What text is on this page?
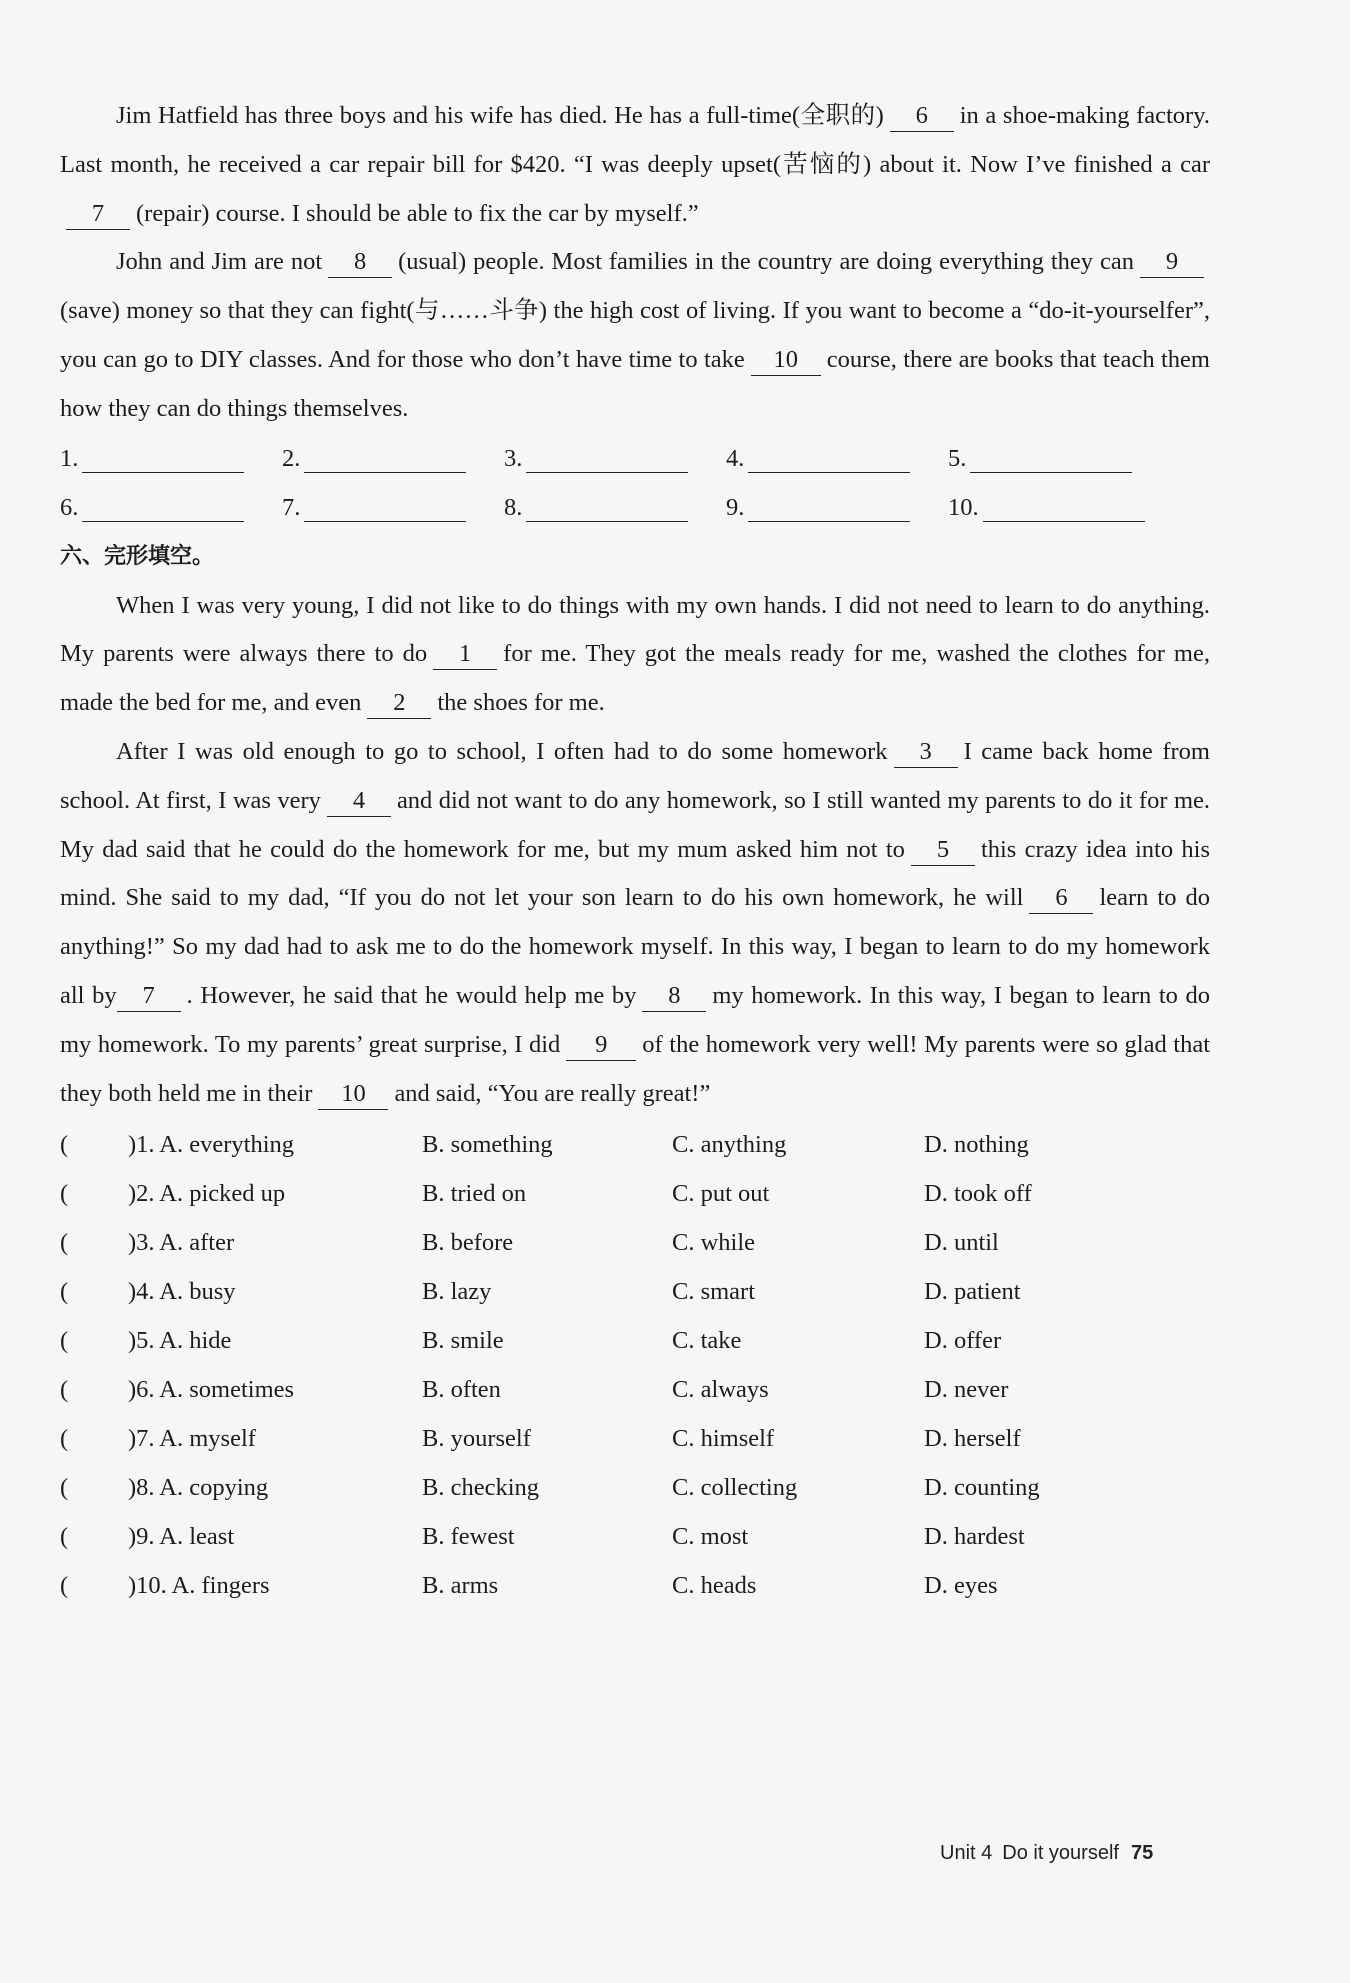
Jim Hatfield has three boys and his wife has died. He has a full-time(全职的) 6 in a shoe-making factory. Last month, he received a car repair bill for $420. “I was deeply upset(苦恼的) about it. Now I’ve finished a car7 (repair) course. I should be able to fix the car by myself.”

John and Jim are not 8 (usual) people. Most families in the country are doing everything they can 9(save) money so that they can fight(与……斗争) the high cost of living. If you want to become a “do-it-yourselfer”, you can go to DIY classes. And for those who don’t have time to take 10 course, there are books that teach them how they can do things themselves.

1.	2.	3.	4.	5.
6.	7.	8.	9.	10.

六、完形填空。

When I was very young, I did not like to do things with my own hands. I did not need to learn to do anything. My parents were always there to do 1 for me. They got the meals ready for me, washed the clothes for me, made the bed for me, and even 2 the shoes for me.

After I was old enough to go to school, I often had to do some homework 3 I came back home from school. At first, I was very 4 and did not want to do any homework, so I still wanted my parents to do it for me. My dad said that he could do the homework for me, but my mum asked him not to 5 this crazy idea into his mind. She said to my dad, “If you do not let your son learn to do his own homework, he will 6 learn to do anything!” So my dad had to ask me to do the homework myself. In this way, I began to learn to do my homework all by 7 . However, he said that he would help me by 8 my homework. In this way, I began to learn to do my homework. To my parents’ great surprise, I did 9 of the homework very well! My parents were so glad that they both held me in their 10 and said, “You are really great!”

(	)1. A. everything	B. something	C. anything	D. nothing
(	)2. A. picked up	B. tried on	C. put out	D. took off
(	)3. A. after	B. before	C. while	D. until
(	)4. A. busy	B. lazy	C. smart	D. patient
(	)5. A. hide	B. smile	C. take	D. offer
(	)6. A. sometimes	B. often	C. always	D. never
(	)7. A. myself	B. yourself	C. himself	D. herself
(	)8. A. copying	B. checking	C. collecting	D. counting
(	)9. A. least	B. fewest	C. most	D. hardest
(	)10. A. fingers	B. arms	C. heads	D. eyes
Unit 4 Do it yourself 75
